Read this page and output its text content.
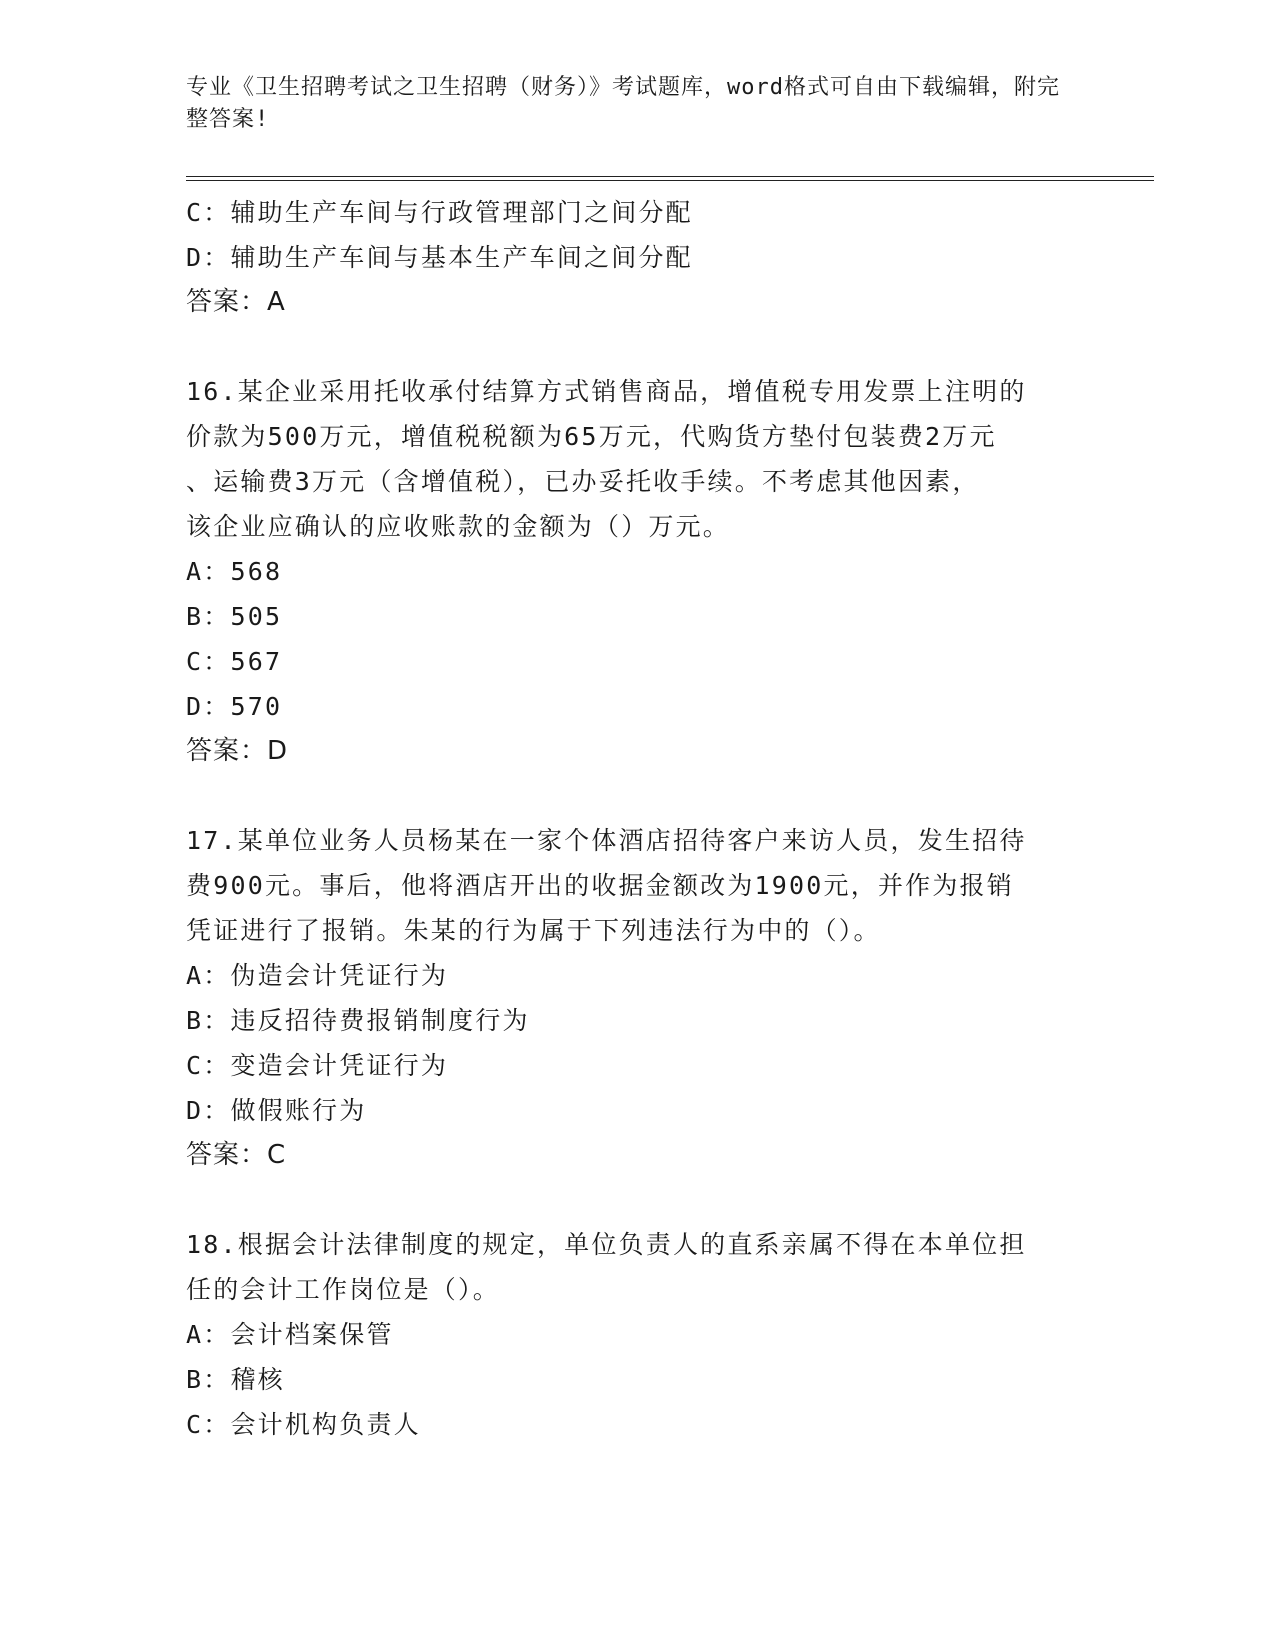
专业《卫生招聘考试之卫生招聘（财务）》考试题库，word格式可自由下载编辑，附完整答案!
C：辅助生产车间与行政管理部门之间分配
D：辅助生产车间与基本生产车间之间分配
答案：A
16.某企业采用托收承付结算方式销售商品，增值税专用发票上注明的
价款为500万元，增值税税额为65万元，代购货方垫付包装费2万元
、运输费3万元（含增值税），已办妥托收手续。不考虑其他因素，
该企业应确认的应收账款的金额为（）万元。
A：568
B：505
C：567
D：570
答案：D
17.某单位业务人员杨某在一家个体酒店招待客户来访人员，发生招待
费900元。事后，他将酒店开出的收据金额改为1900元，并作为报销
凭证进行了报销。朱某的行为属于下列违法行为中的（）。
A：伪造会计凭证行为
B：违反招待费报销制度行为
C：变造会计凭证行为
D：做假账行为
答案：C
18.根据会计法律制度的规定，单位负责人的直系亲属不得在本单位担
任的会计工作岗位是（）。
A：会计档案保管
B：稽核
C：会计机构负责人
